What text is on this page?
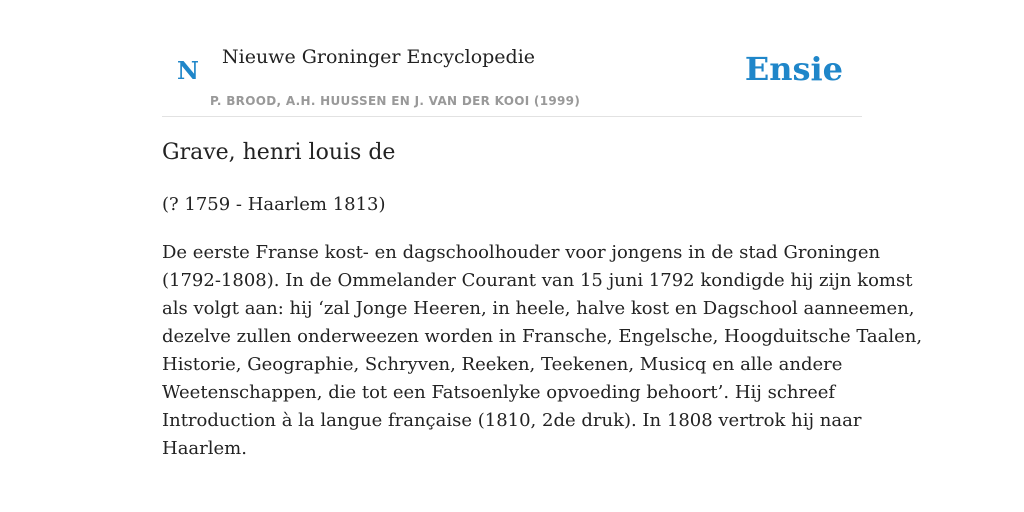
N Nieuwe Groninger Encyclopedie
P. BROOD, A.H. HUUSSEN EN J. VAN DER KOOI (1999)
Ensie
Grave, henri louis de
(? 1759 - Haarlem 1813)
De eerste Franse kost- en dagschoolhouder voor jongens in de stad Groningen
(1792-1808). In de Ommelander Courant van 15 juni 1792 kondigde hij zijn komst
als volgt aan: hij ‘zal Jonge Heeren, in heele, halve kost en Dagschool aanneemen,
dezelve zullen onderweezen worden in Fransche, Engelsche, Hoogduitsche Taalen,
Historie, Geographie, Schryven, Reeken, Teekenen, Musicq en alle andere
Weetenschappen, die tot een Fatsoenlyke opvoeding behoort’. Hij schreef
Introduction à la langue française (1810, 2de druk). In 1808 vertrok hij naar
Haarlem.
